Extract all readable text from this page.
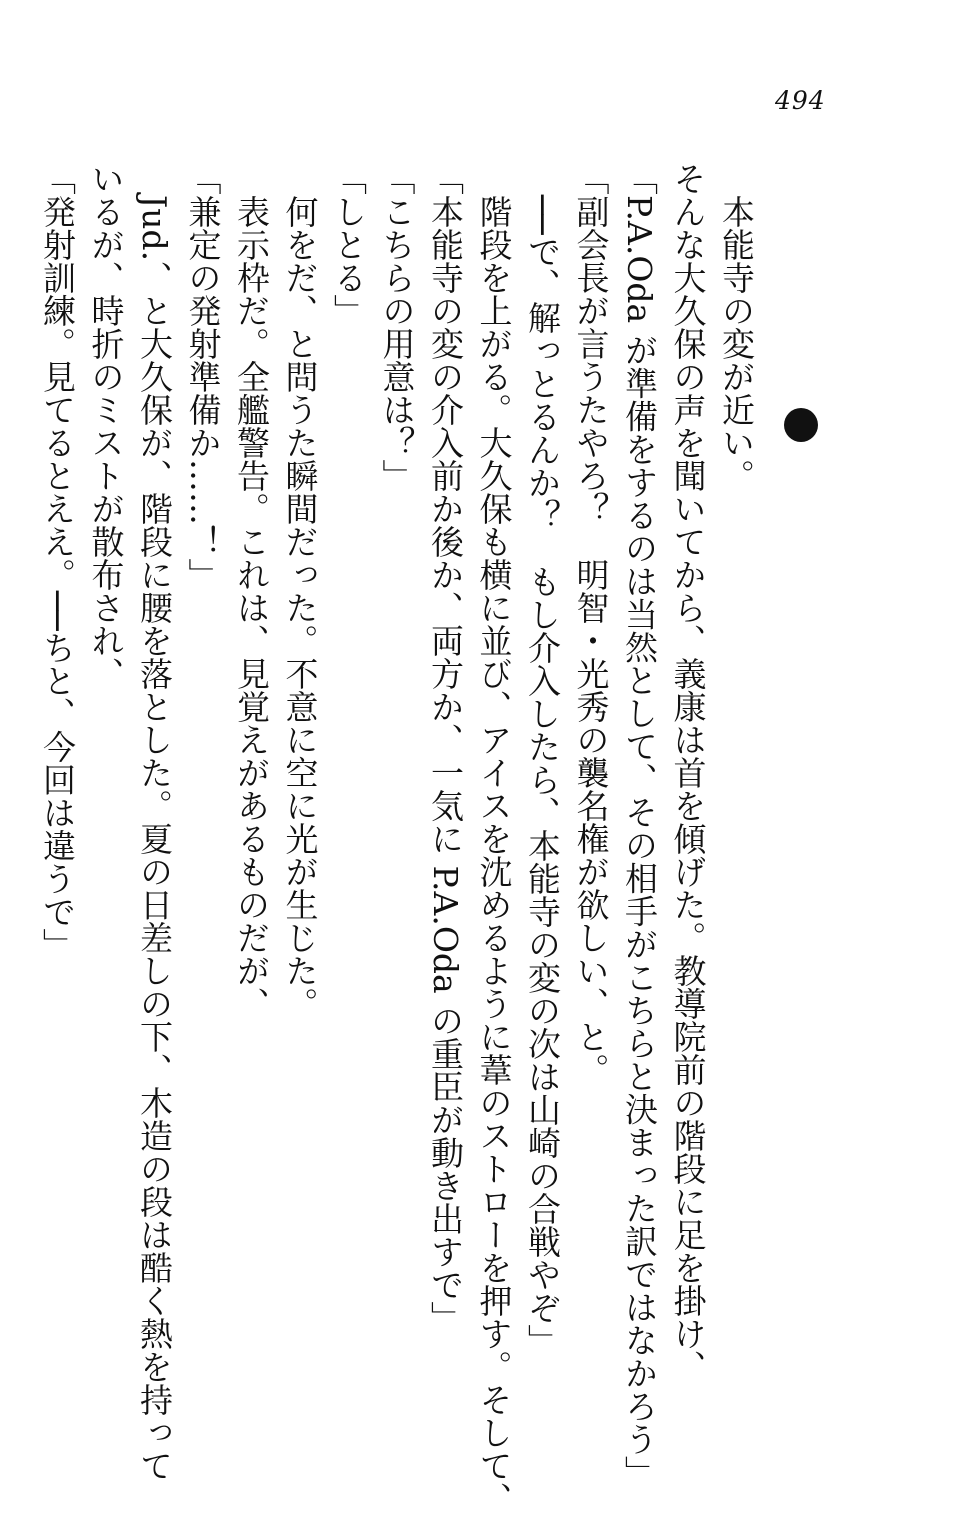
494

本能寺の変が近い。

そんな大久保の声を聞いてから、義康は首を傾げた。教導院前の階段に足を掛け、

「P.A.Oda が準備をするのは当然として、その相手がこちらと決まった訳ではなかろう」

「副会長が言うたやろ？　明智・光秀の襲名権が欲しい、と。

──で、解っとるんか？　もし介入したら、本能寺の変の次は山崎の合戦やぞ」

階段を上がる。大久保も横に並び、アイスを沈めるように葦のストローを押す。そして、

「本能寺の変の介入前か後か、両方か、一気に P.A.Oda の重臣が動き出すで」

「こちらの用意は？」

「しとる」

何をだ、と問うた瞬間だった。不意に空に光が生じた。

表示枠だ。全艦警告。これは、見覚えがあるものだが、

「兼定の発射準備か……！」

Jud.、と大久保が、階段に腰を落とした。夏の日差しの下、木造の段は酷く熱を持って

いるが、時折のミストが散布され、

「発射訓練。見てるとええ。──ちと、今回は違うで」
